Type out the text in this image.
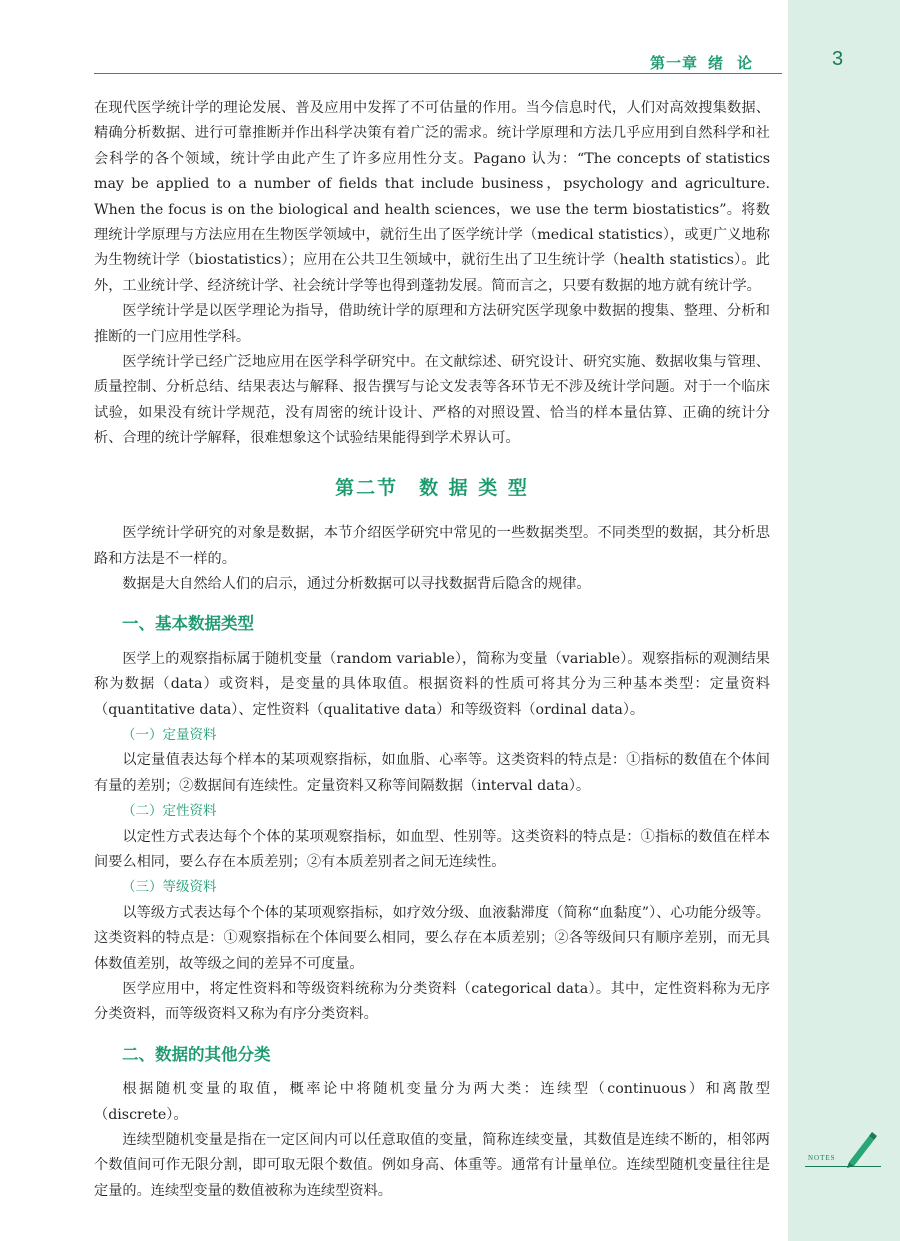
第一章 绪论	3

在现代医学统计学的理论发展、普及应用中发挥了不可估量的作用。当今信息时代，人们对高效搜集数据、精确分析数据、进行可靠推断并作出科学决策有着广泛的需求。统计学原理和方法几乎应用到自然科学和社会科学的各个领域，统计学由此产生了许多应用性分支。Pagano 认为：“The concepts of statistics may be applied to a number of fields that include business，psychology and agriculture. When the focus is on the biological and health sciences，we use the term biostatistics”。将数理统计学原理与方法应用在生物医学领域中，就衍生出了医学统计学（medical statistics），或更广义地称为生物统计学（biostatistics）；应用在公共卫生领域中，就衍生出了卫生统计学（health statistics）。此外，工业统计学、经济统计学、社会统计学等也得到蓬勃发展。简而言之，只要有数据的地方就有统计学。

医学统计学是以医学理论为指导，借助统计学的原理和方法研究医学现象中数据的搜集、整理、分析和推断的一门应用性学科。

医学统计学已经广泛地应用在医学科学研究中。在文献综述、研究设计、研究实施、数据收集与管理、质量控制、分析总结、结果表达与解释、报告撰写与论文发表等各环节无不涉及统计学问题。对于一个临床试验，如果没有统计学规范，没有周密的统计设计、严格的对照设置、恰当的样本量估算、正确的统计分析、合理的统计学解释，很难想象这个试验结果能得到学术界认可。

第二节　数 据 类 型

医学统计学研究的对象是数据，本节介绍医学研究中常见的一些数据类型。不同类型的数据，其分析思路和方法是不一样的。

数据是大自然给人们的启示，通过分析数据可以寻找数据背后隐含的规律。

一、基本数据类型

医学上的观察指标属于随机变量（random variable），简称为变量（variable）。观察指标的观测结果称为数据（data）或资料，是变量的具体取值。根据资料的性质可将其分为三种基本类型：定量资料（quantitative data）、定性资料（qualitative data）和等级资料（ordinal data）。

（一）定量资料

以定量值表达每个样本的某项观察指标，如血脂、心率等。这类资料的特点是：①指标的数值在个体间有量的差别；②数据间有连续性。定量资料又称等间隔数据（interval data）。

（二）定性资料

以定性方式表达每个个体的某项观察指标，如血型、性别等。这类资料的特点是：①指标的数值在样本间要么相同，要么存在本质差别；②有本质差别者之间无连续性。

（三）等级资料

以等级方式表达每个个体的某项观察指标，如疗效分级、血液黏滞度（简称“血黏度”）、心功能分级等。这类资料的特点是：①观察指标在个体间要么相同，要么存在本质差别；②各等级间只有顺序差别，而无具体数值差别，故等级之间的差异不可度量。

医学应用中，将定性资料和等级资料统称为分类资料（categorical data）。其中，定性资料称为无序分类资料，而等级资料又称为有序分类资料。

二、数据的其他分类

根据随机变量的取值，概率论中将随机变量分为两大类：连续型（continuous）和离散型（discrete）。

连续型随机变量是指在一定区间内可以任意取值的变量，简称连续变量，其数值是连续不断的，相邻两个数值间可作无限分割，即可取无限个数值。例如身高、体重等。通常有计量单位。连续型随机变量往往是定量的。连续型变量的数值被称为连续型资料。

NOTES
